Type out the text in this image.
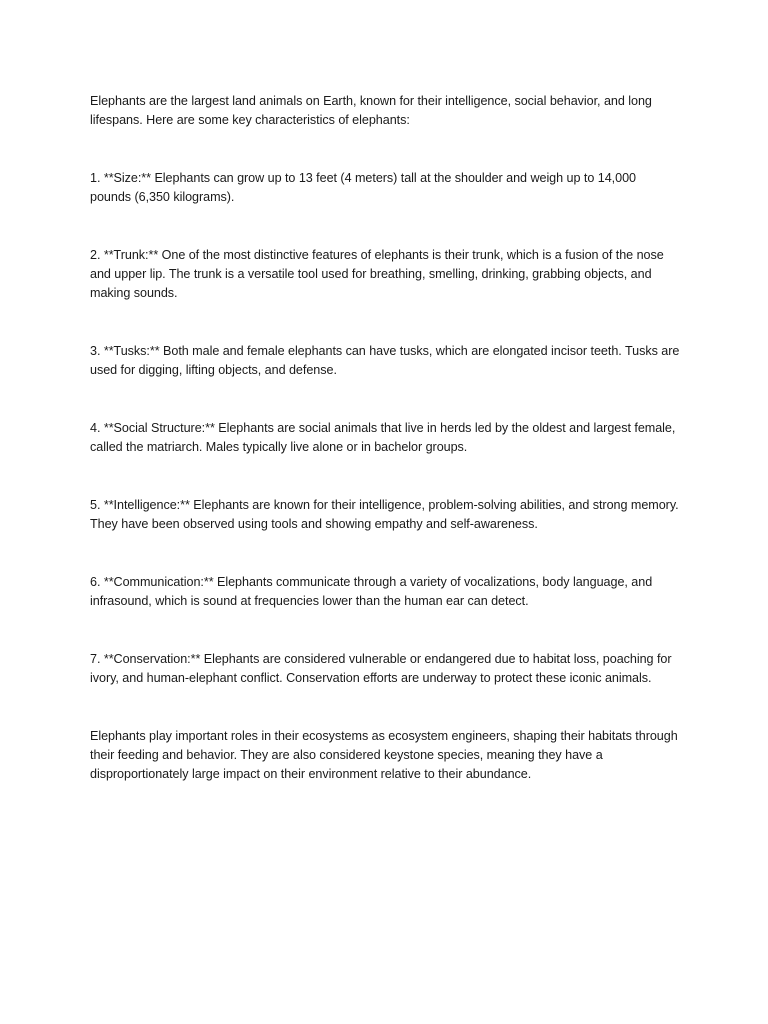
Elephants are the largest land animals on Earth, known for their intelligence, social behavior, and long lifespans. Here are some key characteristics of elephants:

1. **Size:** Elephants can grow up to 13 feet (4 meters) tall at the shoulder and weigh up to 14,000 pounds (6,350 kilograms).

2. **Trunk:** One of the most distinctive features of elephants is their trunk, which is a fusion of the nose and upper lip. The trunk is a versatile tool used for breathing, smelling, drinking, grabbing objects, and making sounds.

3. **Tusks:** Both male and female elephants can have tusks, which are elongated incisor teeth. Tusks are used for digging, lifting objects, and defense.

4. **Social Structure:** Elephants are social animals that live in herds led by the oldest and largest female, called the matriarch. Males typically live alone or in bachelor groups.

5. **Intelligence:** Elephants are known for their intelligence, problem-solving abilities, and strong memory. They have been observed using tools and showing empathy and self-awareness.

6. **Communication:** Elephants communicate through a variety of vocalizations, body language, and infrasound, which is sound at frequencies lower than the human ear can detect.

7. **Conservation:** Elephants are considered vulnerable or endangered due to habitat loss, poaching for ivory, and human-elephant conflict. Conservation efforts are underway to protect these iconic animals.

Elephants play important roles in their ecosystems as ecosystem engineers, shaping their habitats through their feeding and behavior. They are also considered keystone species, meaning they have a disproportionately large impact on their environment relative to their abundance.
